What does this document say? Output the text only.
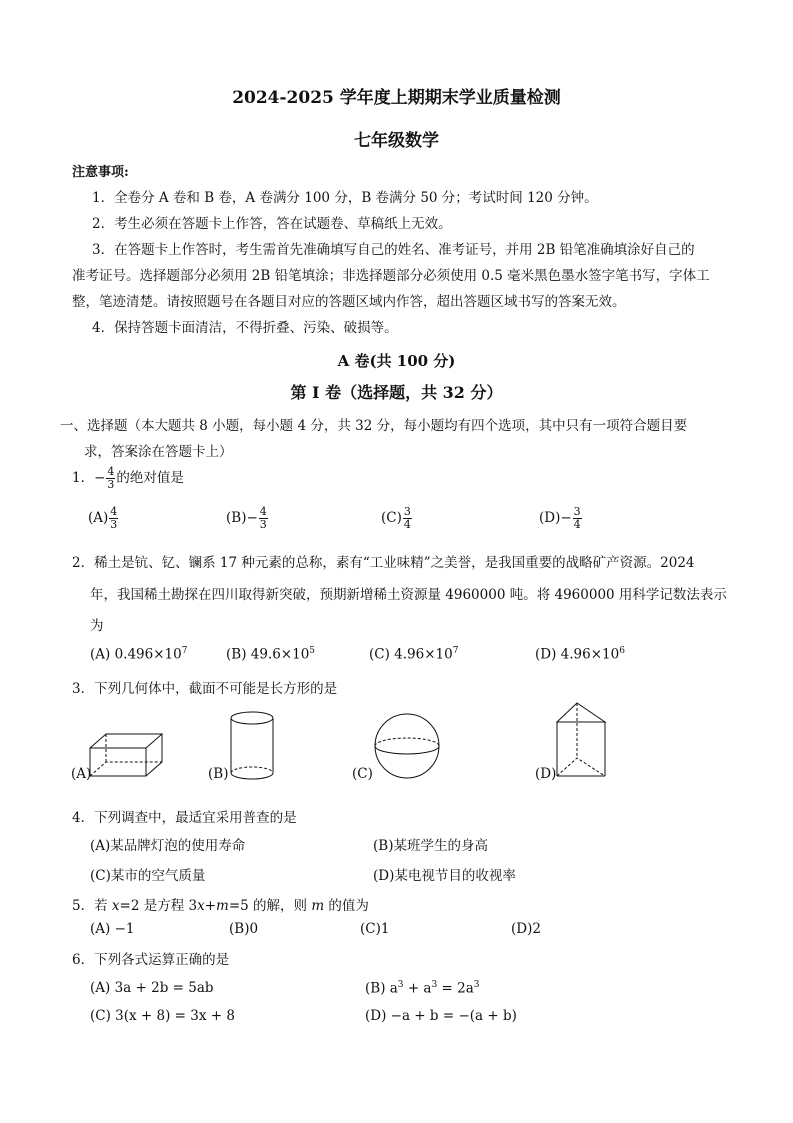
2024-2025 学年度上期期末学业质量检测
七年级数学
注意事项:
1．全卷分 A 卷和 B 卷，A 卷满分 100 分，B 卷满分 50 分；考试时间 120 分钟。
2．考生必须在答题卡上作答，答在试题卷、草稿纸上无效。
3．在答题卡上作答时，考生需首先准确填写自己的姓名、准考证号，并用 2B 铅笔准确填涂好自己的
准考证号。选择题部分必须用 2B 铅笔填涂；非选择题部分必须使用 0.5 毫米黑色墨水签字笔书写，字体工
整，笔迹清楚。请按照题号在各题目对应的答题区域内作答，超出答题区域书写的答案无效。
4．保持答题卡面清洁，不得折叠、污染、破损等。
A 卷(共 100 分)
第 I 卷（选择题，共 32 分）
一、选择题（本大题共 8 小题，每小题 4 分，共 32 分，每小题均有四个选项，其中只有一项符合题目要
求，答案涂在答题卡上）
1．− $\frac{4}{3}$ 的绝对值是
$(A) \frac{4}{3}$	$(B)- \frac{4}{3}$	$(C) \frac{3}{4}$	$(D)- \frac{3}{4}$
2．稀土是钪、钇、镧系 17 种元素的总称，素有“工业味精”之美誉，是我国重要的战略矿产资源。2024
年，我国稀土勘探在四川取得新突破，预期新增稀土资源量 4960000 吨。将 4960000 用科学记数法表示
为
(A) $0.496\times 10^7$	(B) $49.6\times 10^5$	(C) $4.96\times 10^7$	(D) $4.96\times 10^6$
3．下列几何体中，截面不可能是长方形的是
(A)	(B)	(C)	(D)
4．下列调查中，最适宜采用普查的是
(A)某品牌灯泡的使用寿命	(B)某班学生的身高
(C)某市的空气质量	(D)某电视节目的收视率
5．若 x=2 是方程 3x+m=5 的解，则 m 的值为
(A) −1	(B)0	(C)1	(D)2
6．下列各式运算正确的是
(A) 3a + 2b = 5ab	(B) $a^3 + a^3 = 2a^3$
(C) 3(x + 8) = 3x + 8	(D) −a + b = −(a + b)
